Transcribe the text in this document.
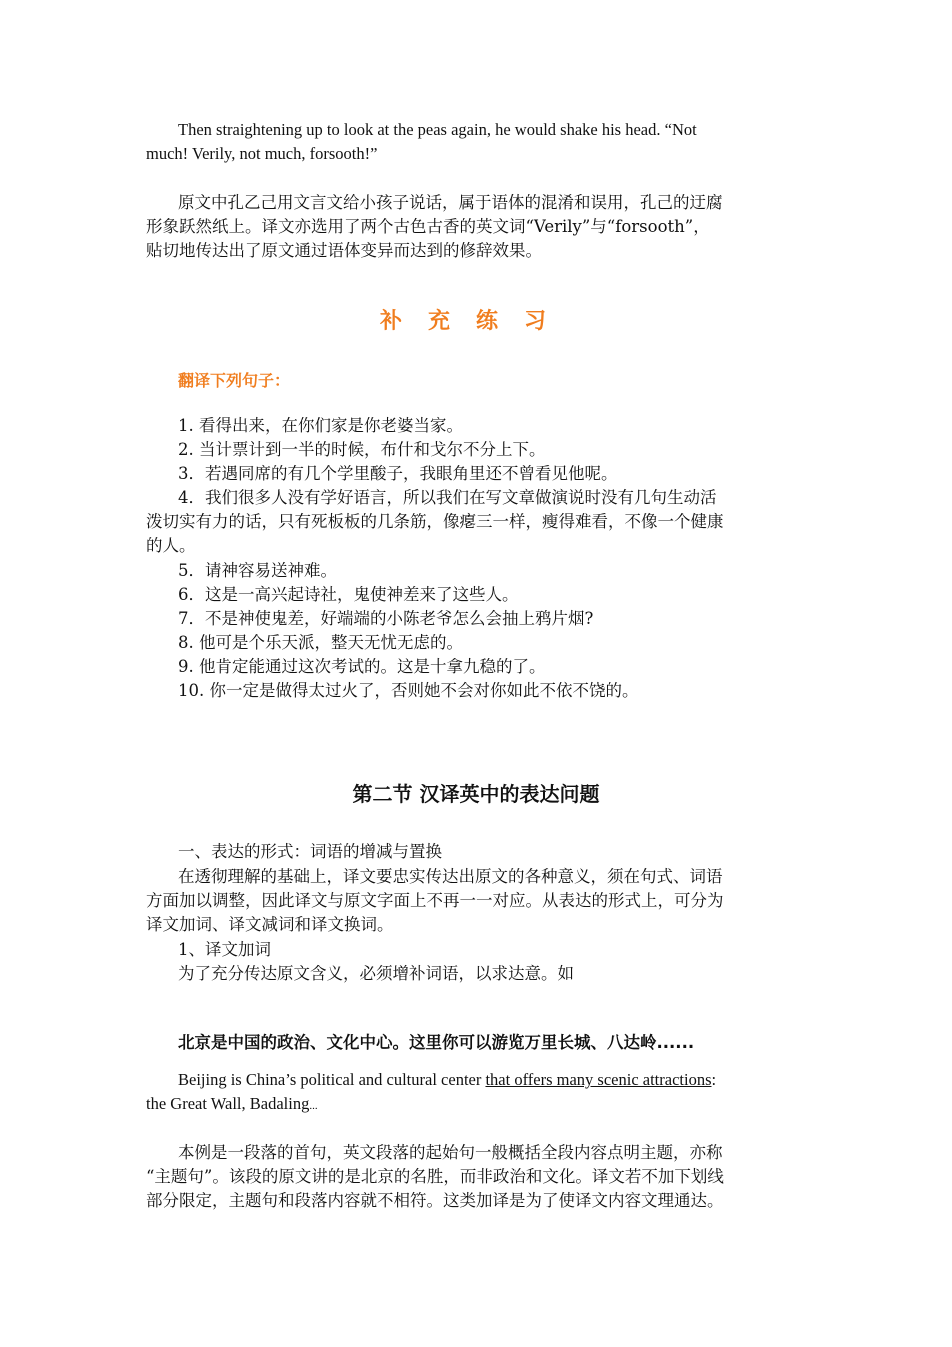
Then straightening up to look at the peas again, he would shake his head. “Not

much! Verily, not much, forsooth!”

原文中孔乙己用文言文给小孩子说话，属于语体的混淆和误用，孔己的迂腐

形象跃然纸上。译文亦选用了两个古色古香的英文词“Verily”与“forsooth”，

贴切地传达出了原文通过语体变异而达到的修辞效果。

补充练习
翻译下列句子：

1. 看得出来，在你们家是你老婆当家。

2. 当计票计到一半的时候，布什和戈尔不分上下。

3．若遇同席的有几个学里酸子，我眼角里还不曾看见他呢。

4．我们很多人没有学好语言，所以我们在写文章做演说时没有几句生动活

泼切实有力的话，只有死板板的几条筋，像瘪三一样，瘦得难看，不像一个健康

的人。

5．请神容易送神难。

6．这是一高兴起诗社，鬼使神差来了这些人。

7．不是神使鬼差，好端端的小陈老爷怎么会抽上鸦片烟?

8. 他可是个乐天派，整天无忧无虑的。

9. 他肯定能通过这次考试的。这是十拿九稳的了。

10. 你一定是做得太过火了，否则她不会对你如此不依不饶的。

第二节 汉译英中的表达问题

一、表达的形式：词语的增减与置换

在透彻理解的基础上，译文要忠实传达出原文的各种意义，须在句式、词语

方面加以调整，因此译文与原文字面上不再一一对应。从表达的形式上，可分为

译文加词、译文减词和译文换词。

1、译文加词

为了充分传达原文含义，必须增补词语，以求达意。如

北京是中国的政治、文化中心。这里你可以游览万里长城、八达岭......

Beijing is China’s political and cultural center that offers many scenic attractions:

the Great Wall, Badaling...

本例是一段落的首句，英文段落的起始句一般概括全段内容点明主题，亦称

“主题句”。该段的原文讲的是北京的名胜，而非政治和文化。译文若不加下划线

部分限定，主题句和段落内容就不相符。这类加译是为了使译文内容文理通达。
